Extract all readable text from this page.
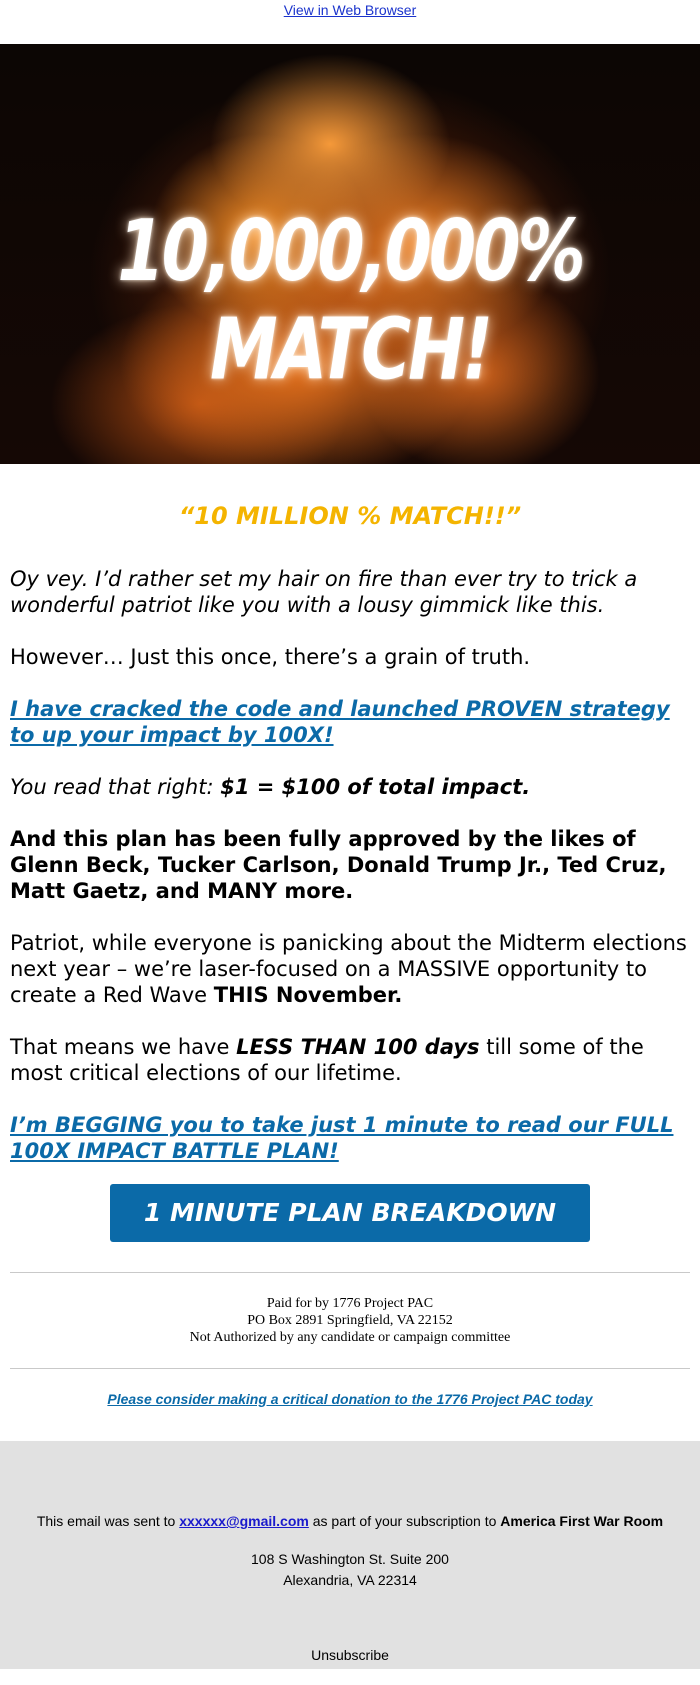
View in Web Browser
10,000,000% MATCH!
“10 MILLION % MATCH!!”

Oy vey. I’d rather set my hair on fire than ever try to trick a wonderful patriot like you with a lousy gimmick like this.

However… Just this once, there’s a grain of truth.

I have cracked the code and launched PROVEN strategy to up your impact by 100X!

You read that right: $1 = $100 of total impact.

And this plan has been fully approved by the likes of Glenn Beck, Tucker Carlson, Donald Trump Jr., Ted Cruz, Matt Gaetz, and MANY more.

Patriot, while everyone is panicking about the Midterm elections next year – we’re laser-focused on a MASSIVE opportunity to create a Red Wave THIS November.

That means we have LESS THAN 100 days till some of the most critical elections of our lifetime.

I’m BEGGING you to take just 1 minute to read our FULL 100X IMPACT BATTLE PLAN!

1 MINUTE PLAN BREAKDOWN
Paid for by 1776 Project PAC
PO Box 2891 Springfield, VA 22152
Not Authorized by any candidate or campaign committee
Please consider making a critical donation to the 1776 Project PAC today
This email was sent to xxxxxx@gmail.com as part of your subscription to America First War Room
108 S Washington St. Suite 200
Alexandria, VA 22314
Unsubscribe
